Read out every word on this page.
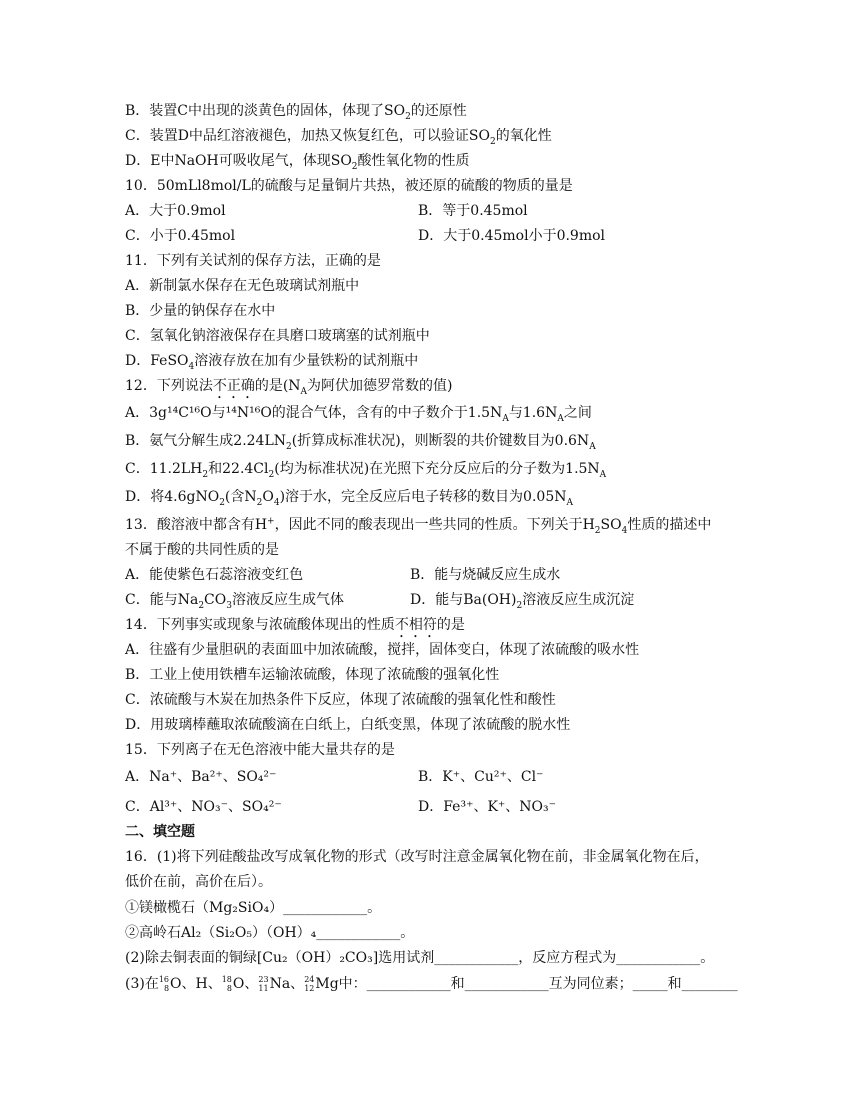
B．装置C中出现的淡黄色的固体，体现了$SO_2$的还原性
C．装置D中品红溶液褪色，加热又恢复红色，可以验证$SO_2$的氧化性
D．E中NaOH可吸收尾气，体现$SO_2$酸性氧化物的性质
10．50mLl8mol/L的硫酸与足量铜片共热，被还原的硫酸的物质的量是
A．大于0.9mol	B．等于0.45mol
C．小于0.45mol	D．大于0.45mol小于0.9mol
11．下列有关试剂的保存方法，正确的是
A．新制氯水保存在无色玻璃试剂瓶中
B．少量的钠保存在水中
C．氢氧化钠溶液保存在具磨口玻璃塞的试剂瓶中
D．FeSO$_4$溶液存放在加有少量铁粉的试剂瓶中
12．下列说法不正确的是($N_A$为阿伏加德罗常数的值)
A．3g¹⁴C¹⁶O与¹⁴N¹⁶O的混合气体，含有的中子数介于$1.5N_A$与$1.6N_A$之间
B．氨气分解生成$2.24LN_2$(折算成标准状况)，则断裂的共价键数目为$0.6N_A$
C．$11.2LH_2$和$22.4Cl_2$(均为标准状况)在光照下充分反应后的分子数为$1.5N_A$
D．将4.6gNO$_2$(含$N_2O_4$)溶于水，完全反应后电子转移的数目为$0.05N_A$
13．酸溶液中都含有H+，因此不同的酸表现出一些共同的性质。下列关于$H_2SO_4$性质的描述中
不属于酸的共同性质的是
A．能使紫色石蕊溶液变红色	B．能与烧碱反应生成水
C．能与$Na_2CO_3$溶液反应生成气体	D．能与$Ba(OH)_2$溶液反应生成沉淀
14．下列事实或现象与浓硫酸体现出的性质不相符的是
A．往盛有少量胆矾的表面皿中加浓硫酸，搅拌，固体变白，体现了浓硫酸的吸水性
B．工业上使用铁槽车运输浓硫酸，体现了浓硫酸的强氧化性
C．浓硫酸与木炭在加热条件下反应，体现了浓硫酸的强氧化性和酸性
D．用玻璃棒蘸取浓硫酸滴在白纸上，白纸变黑，体现了浓硫酸的脱水性
15．下列离子在无色溶液中能大量共存的是
A．Na⁺、Ba²⁺、SO₄²⁻	B．K⁺、Cu²⁺、Cl⁻
C．Al³⁺、NO₃⁻、SO₄²⁻	D．Fe³⁺、K⁺、NO₃⁻
二、填空题
16．(1)将下列硅酸盐改写成氧化物的形式（改写时注意金属氧化物在前，非金属氧化物在后，
低价在前，高价在后）。
①镁橄榄石（Mg₂SiO₄）____________。
②高岭石Al₂（Si₂O₅）（OH）₄____________。
(2)除去铜表面的铜绿[Cu₂（OH）₂CO₃]选用试剂____________，反应方程式为____________。
(3)在 16
8 O、H、 18
8 O、 23
11 Na、 24
12 Mg中：____________和____________互为同位素；_____和________
